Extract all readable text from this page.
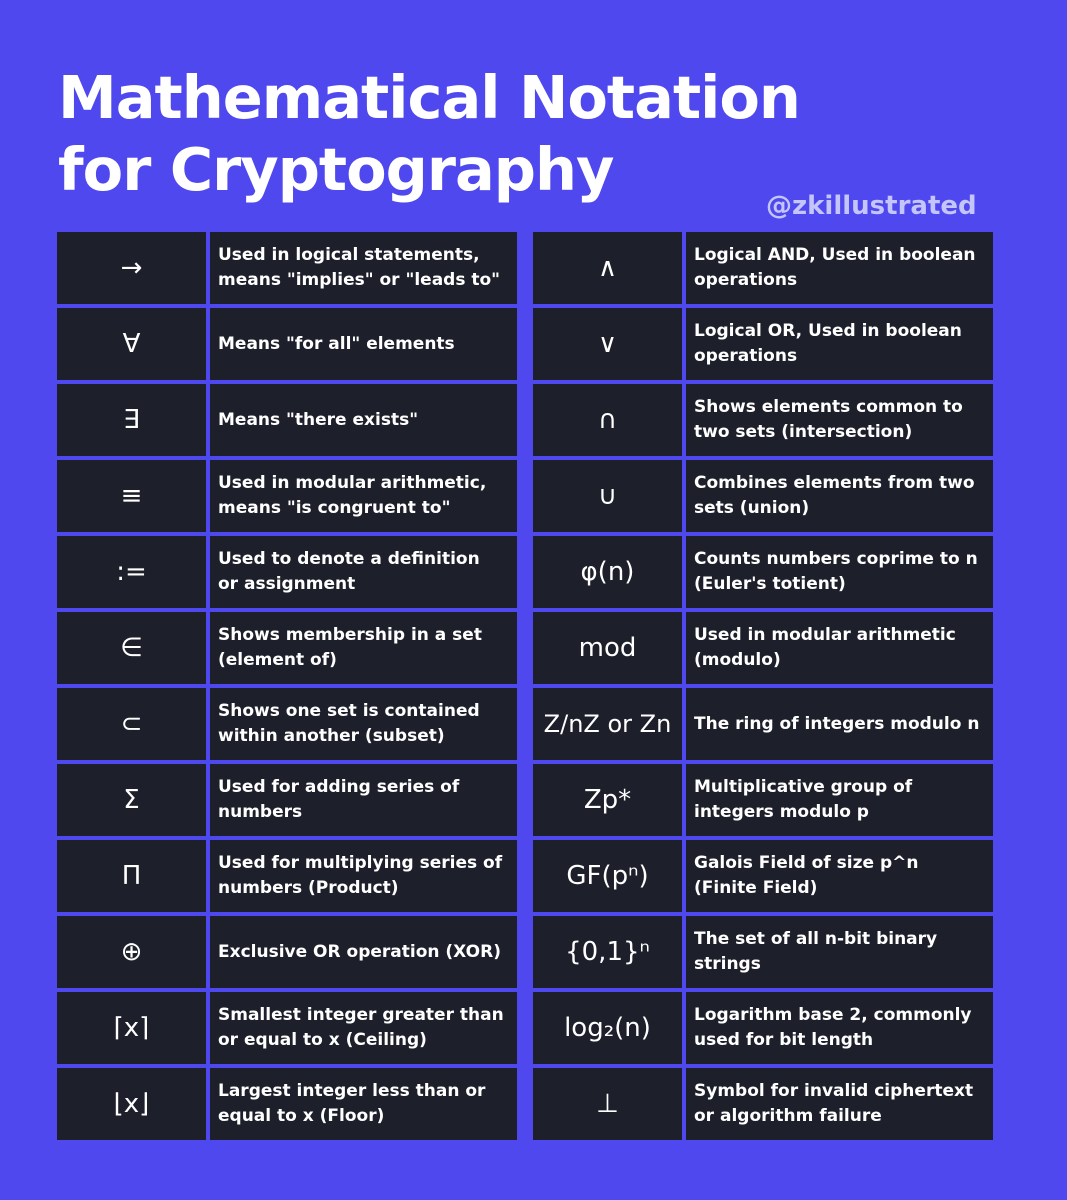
Mathematical Notation
for Cryptography
@zkillustrated
→	Used in logical statements, means "implies" or "leads to"
∀	Means "for all" elements
∃	Means "there exists"
≡	Used in modular arithmetic, means "is congruent to"
:=	Used to denote a definition or assignment
∈	Shows membership in a set (element of)
⊂	Shows one set is contained within another (subset)
Σ	Used for adding series of numbers
Π	Used for multiplying series of numbers (Product)
⊕	Exclusive OR operation (XOR)
⌈x⌉	Smallest integer greater than or equal to x (Ceiling)
⌊x⌋	Largest integer less than or equal to x (Floor)
∧	Logical AND, Used in boolean operations
∨	Logical OR, Used in boolean operations
∩	Shows elements common to two sets (intersection)
∪	Combines elements from two sets (union)
φ(n)	Counts numbers coprime to n (Euler's totient)
mod	Used in modular arithmetic (modulo)
Z/nZ or Zn	The ring of integers modulo n
Zp*	Multiplicative group of integers modulo p
GF(pⁿ)	Galois Field of size p^n (Finite Field)
{0,1}ⁿ	The set of all n-bit binary strings
log₂(n)	Logarithm base 2, commonly used for bit length
⊥	Symbol for invalid ciphertext or algorithm failure
